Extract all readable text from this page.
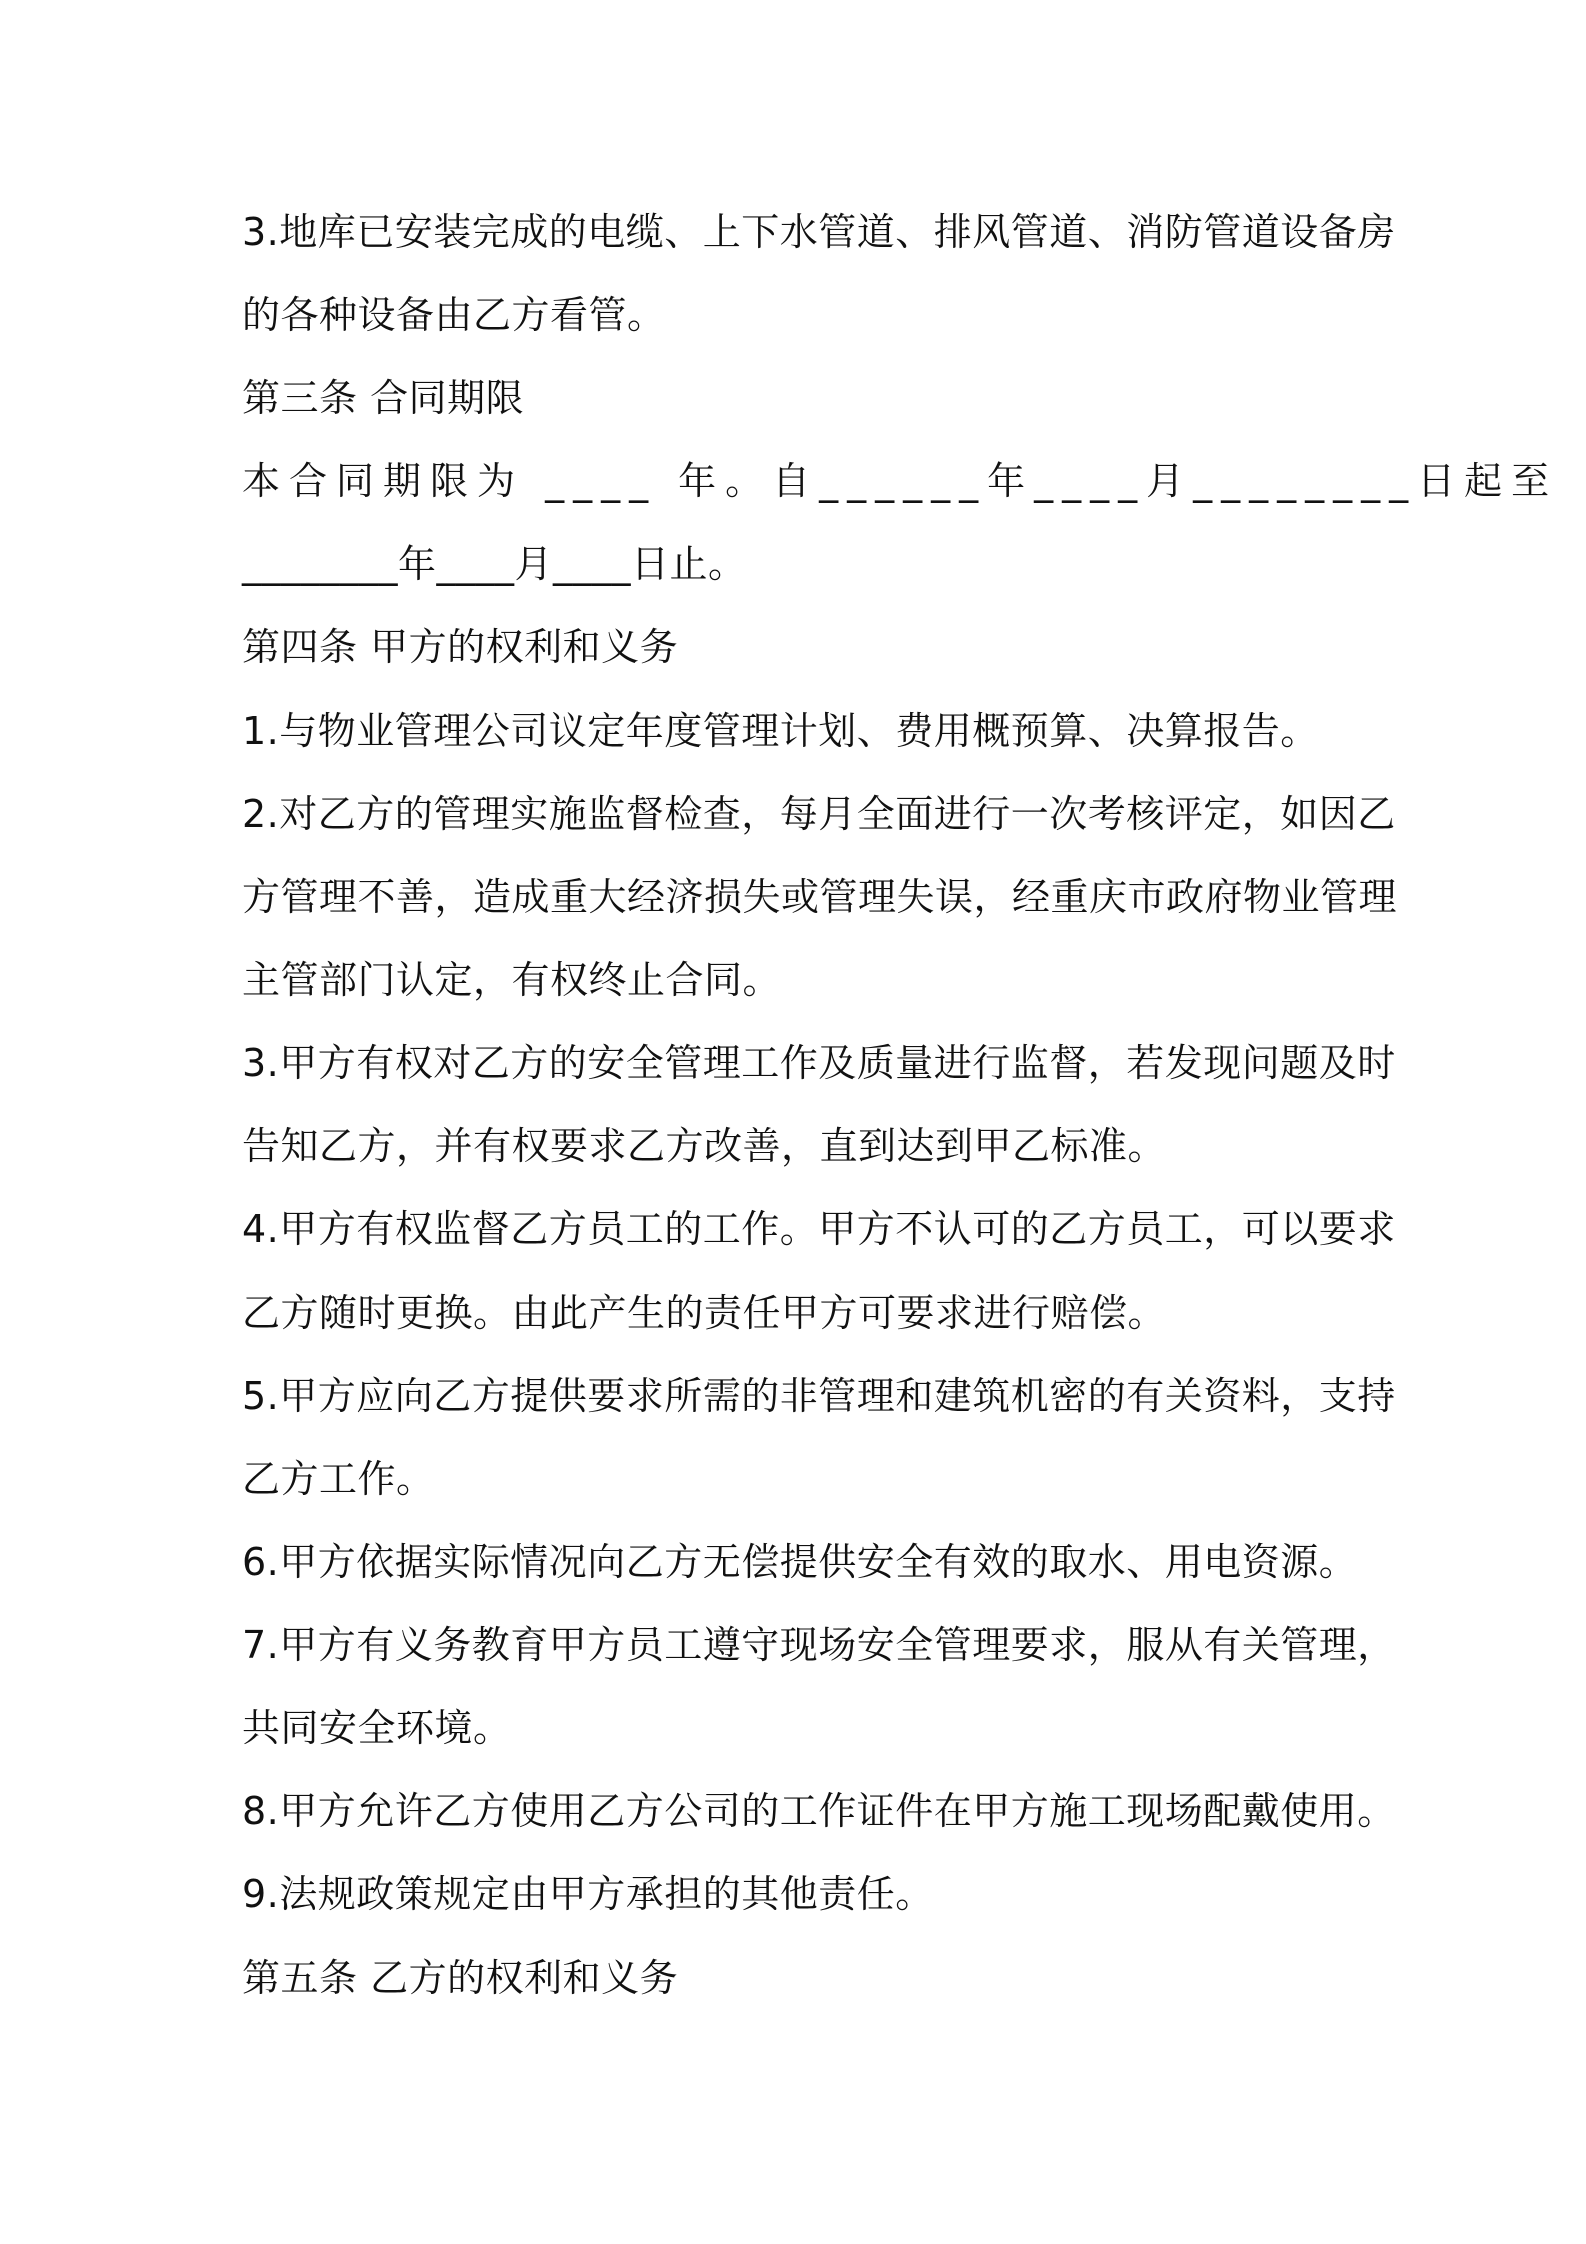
3.地库已安装完成的电缆、上下水管道、排风管道、消防管道设备房
的各种设备由乙方看管。
第三条 合同期限
本合同期限为 ____ 年。自______年____月________日起至
________年____月____日止。
第四条 甲方的权利和义务
1.与物业管理公司议定年度管理计划、费用概预算、决算报告。
2.对乙方的管理实施监督检查，每月全面进行一次考核评定，如因乙
方管理不善，造成重大经济损失或管理失误，经重庆市政府物业管理
主管部门认定，有权终止合同。
3.甲方有权对乙方的安全管理工作及质量进行监督，若发现问题及时
告知乙方，并有权要求乙方改善，直到达到甲乙标准。
4.甲方有权监督乙方员工的工作。甲方不认可的乙方员工，可以要求
乙方随时更换。由此产生的责任甲方可要求进行赔偿。
5.甲方应向乙方提供要求所需的非管理和建筑机密的有关资料，支持
乙方工作。
6.甲方依据实际情况向乙方无偿提供安全有效的取水、用电资源。
7.甲方有义务教育甲方员工遵守现场安全管理要求，服从有关管理，
共同安全环境。
8.甲方允许乙方使用乙方公司的工作证件在甲方施工现场配戴使用。
9.法规政策规定由甲方承担的其他责任。
第五条 乙方的权利和义务
